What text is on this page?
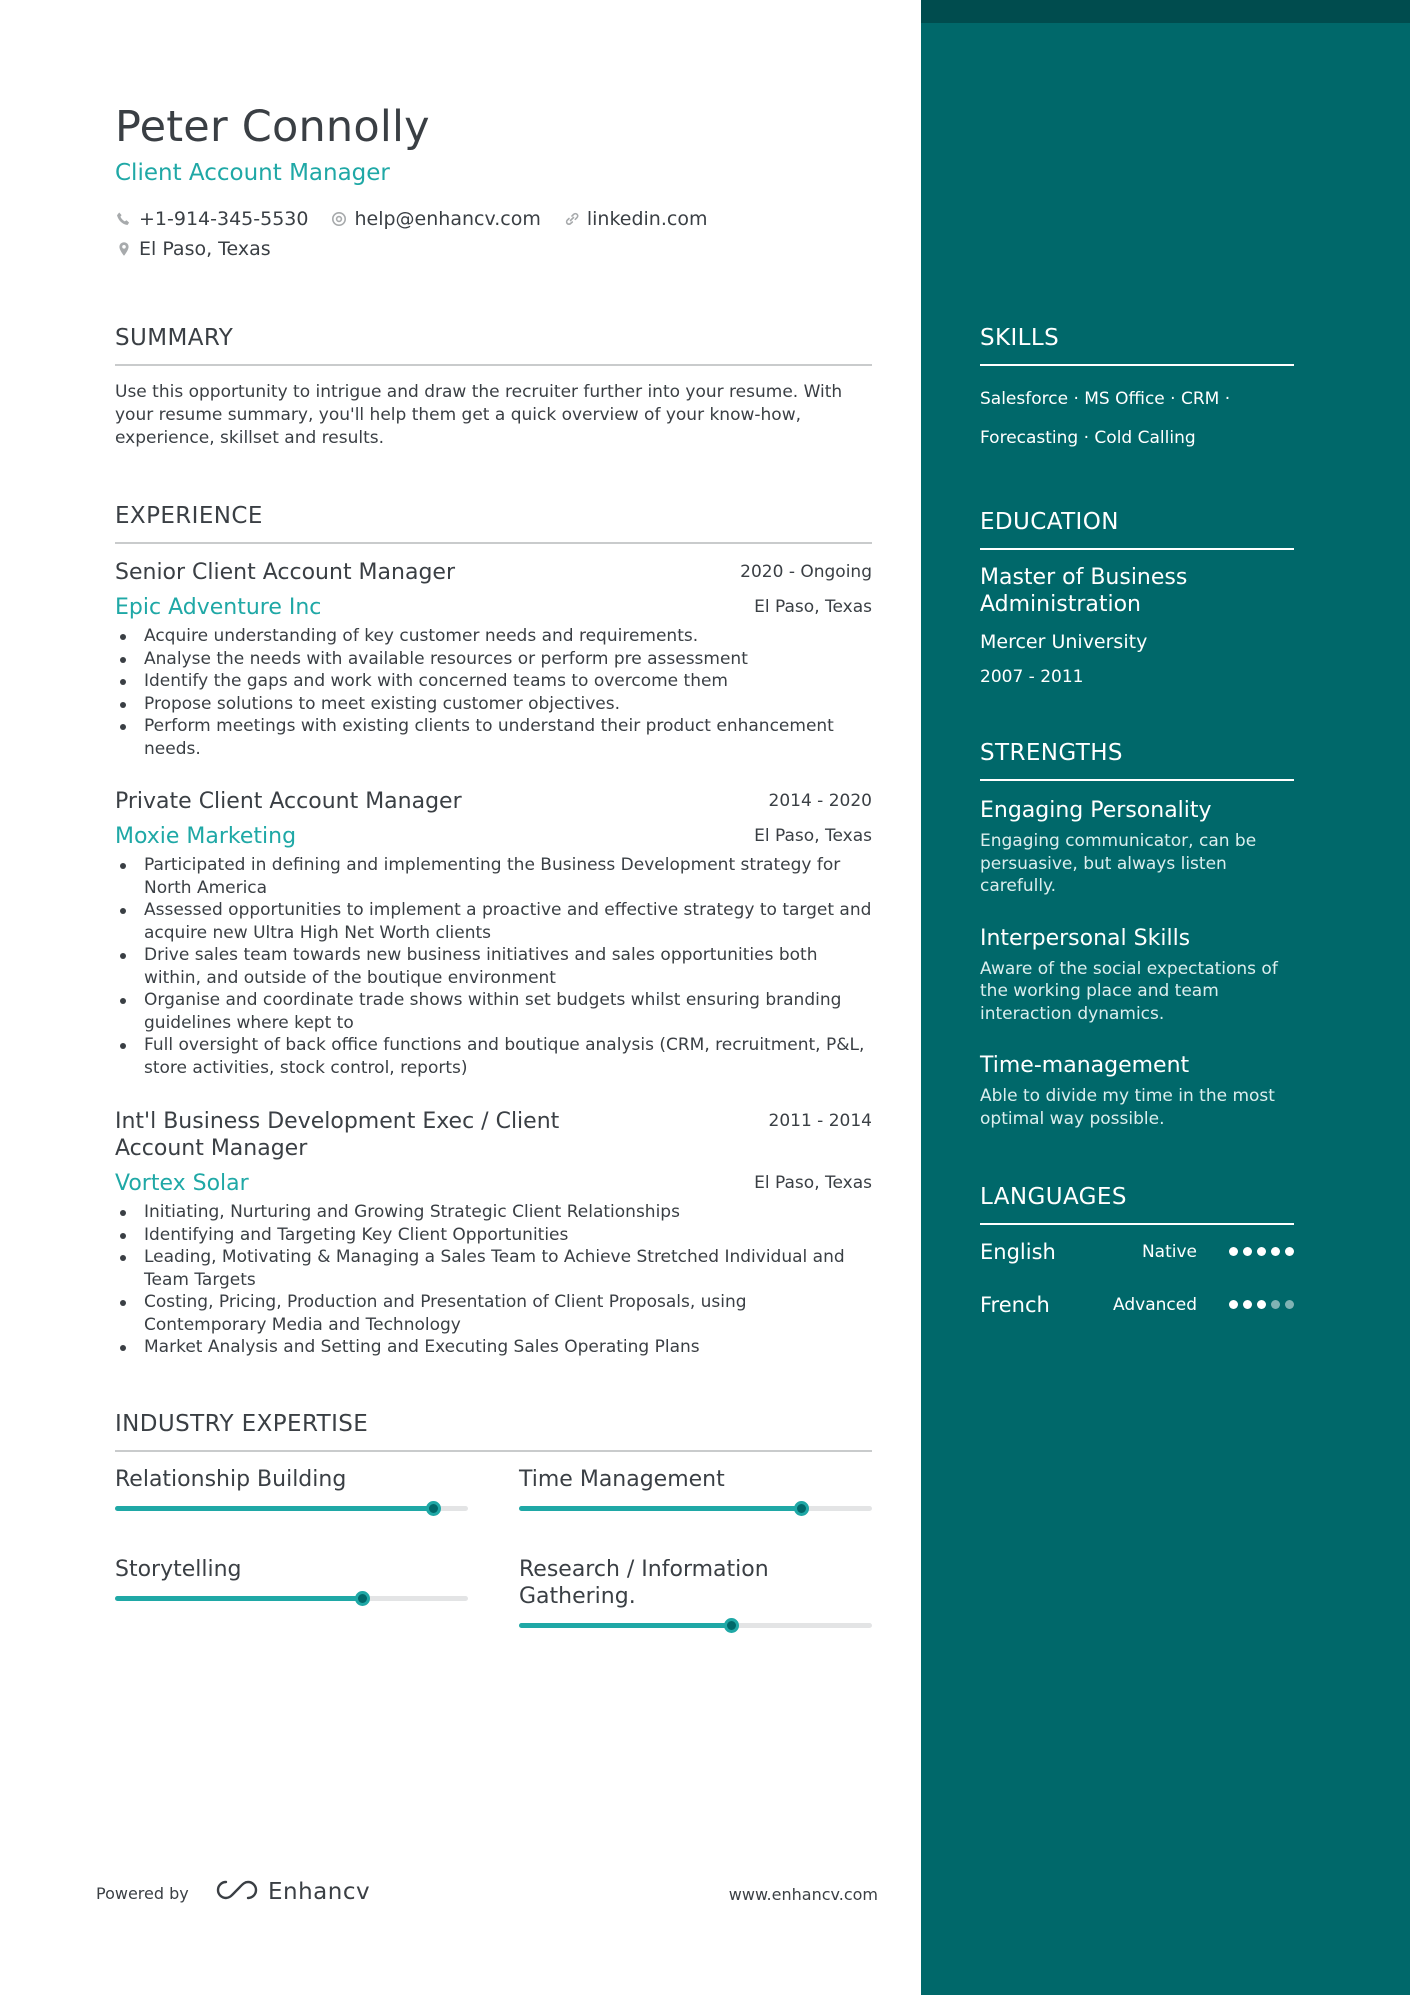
Peter Connolly
Client Account Manager
+1-914-345-5530 help@enhancv.com linkedin.com
El Paso, Texas
SUMMARY
Use this opportunity to intrigue and draw the recruiter further into your resume. With your resume summary, you'll help them get a quick overview of your know-how, experience, skillset and results.
EXPERIENCE
Senior Client Account Manager	2020 - Ongoing
Epic Adventure Inc	El Paso, Texas
Acquire understanding of key customer needs and requirements.
Analyse the needs with available resources or perform pre assessment
Identify the gaps and work with concerned teams to overcome them
Propose solutions to meet existing customer objectives.
Perform meetings with existing clients to understand their product enhancement needs.
Private Client Account Manager	2014 - 2020
Moxie Marketing	El Paso, Texas
Participated in defining and implementing the Business Development strategy for North America
Assessed opportunities to implement a proactive and effective strategy to target and acquire new Ultra High Net Worth clients
Drive sales team towards new business initiatives and sales opportunities both within, and outside of the boutique environment
Organise and coordinate trade shows within set budgets whilst ensuring branding guidelines where kept to
Full oversight of back office functions and boutique analysis (CRM, recruitment, P&L, store activities, stock control, reports)
Int'l Business Development Exec / Client Account Manager
2011 - 2014
Vortex Solar	El Paso, Texas
Initiating, Nurturing and Growing Strategic Client Relationships
Identifying and Targeting Key Client Opportunities
Leading, Motivating & Managing a Sales Team to Achieve Stretched Individual and Team Targets
Costing, Pricing, Production and Presentation of Client Proposals, using Contemporary Media and Technology
Market Analysis and Setting and Executing Sales Operating Plans
INDUSTRY EXPERTISE
Relationship Building	Time Management
Storytelling	Research / Information Gathering.
SKILLS
Salesforce · MS Office · CRM ·
Forecasting · Cold Calling
EDUCATION
Master of Business Administration
Mercer University
2007 - 2011
STRENGTHS
Engaging Personality
Engaging communicator, can be persuasive, but always listen carefully.
Interpersonal Skills
Aware of the social expectations of the working place and team interaction dynamics.
Time-management
Able to divide my time in the most optimal way possible.
LANGUAGES
English	Native
French	Advanced
Powered by	Enhancv	www.enhancv.com
